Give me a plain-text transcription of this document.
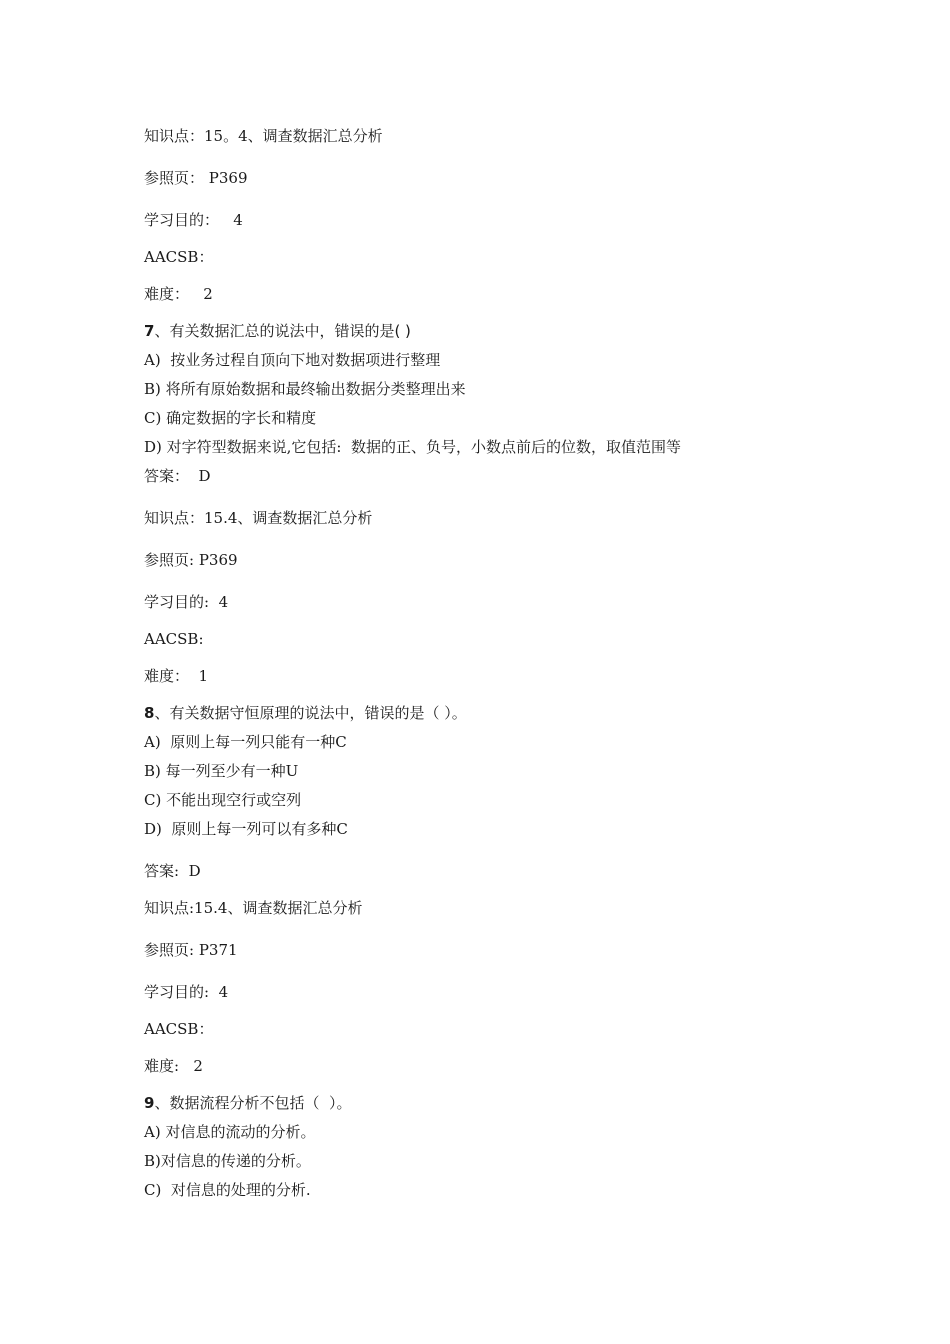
知识点：15。4、调查数据汇总分析
参照页： P369
学习目的：   4
AACSB：
难度：   2
7、有关数据汇总的说法中，错误的是( )
A)  按业务过程自顶向下地对数据项进行整理
B) 将所有原始数据和最终输出数据分类整理出来
C) 确定数据的字长和精度
D) 对字符型数据来说,它包括:  数据的正、负号，小数点前后的位数，取值范围等
答案：  D
知识点：15.4、调查数据汇总分析
参照页: P369
学习目的:  4
AACSB:
难度：  1
8、有关数据守恒原理的说法中，错误的是（ ）。
A)  原则上每一列只能有一种C
B) 每一列至少有一种U
C) 不能出现空行或空列
D)  原则上每一列可以有多种C
答案:  D
知识点:15.4、调查数据汇总分析
参照页: P371
学习目的:  4
AACSB：
难度:   2
9、数据流程分析不包括（  ）。
A) 对信息的流动的分析。
B)对信息的传递的分析。
C)  对信息的处理的分析.
